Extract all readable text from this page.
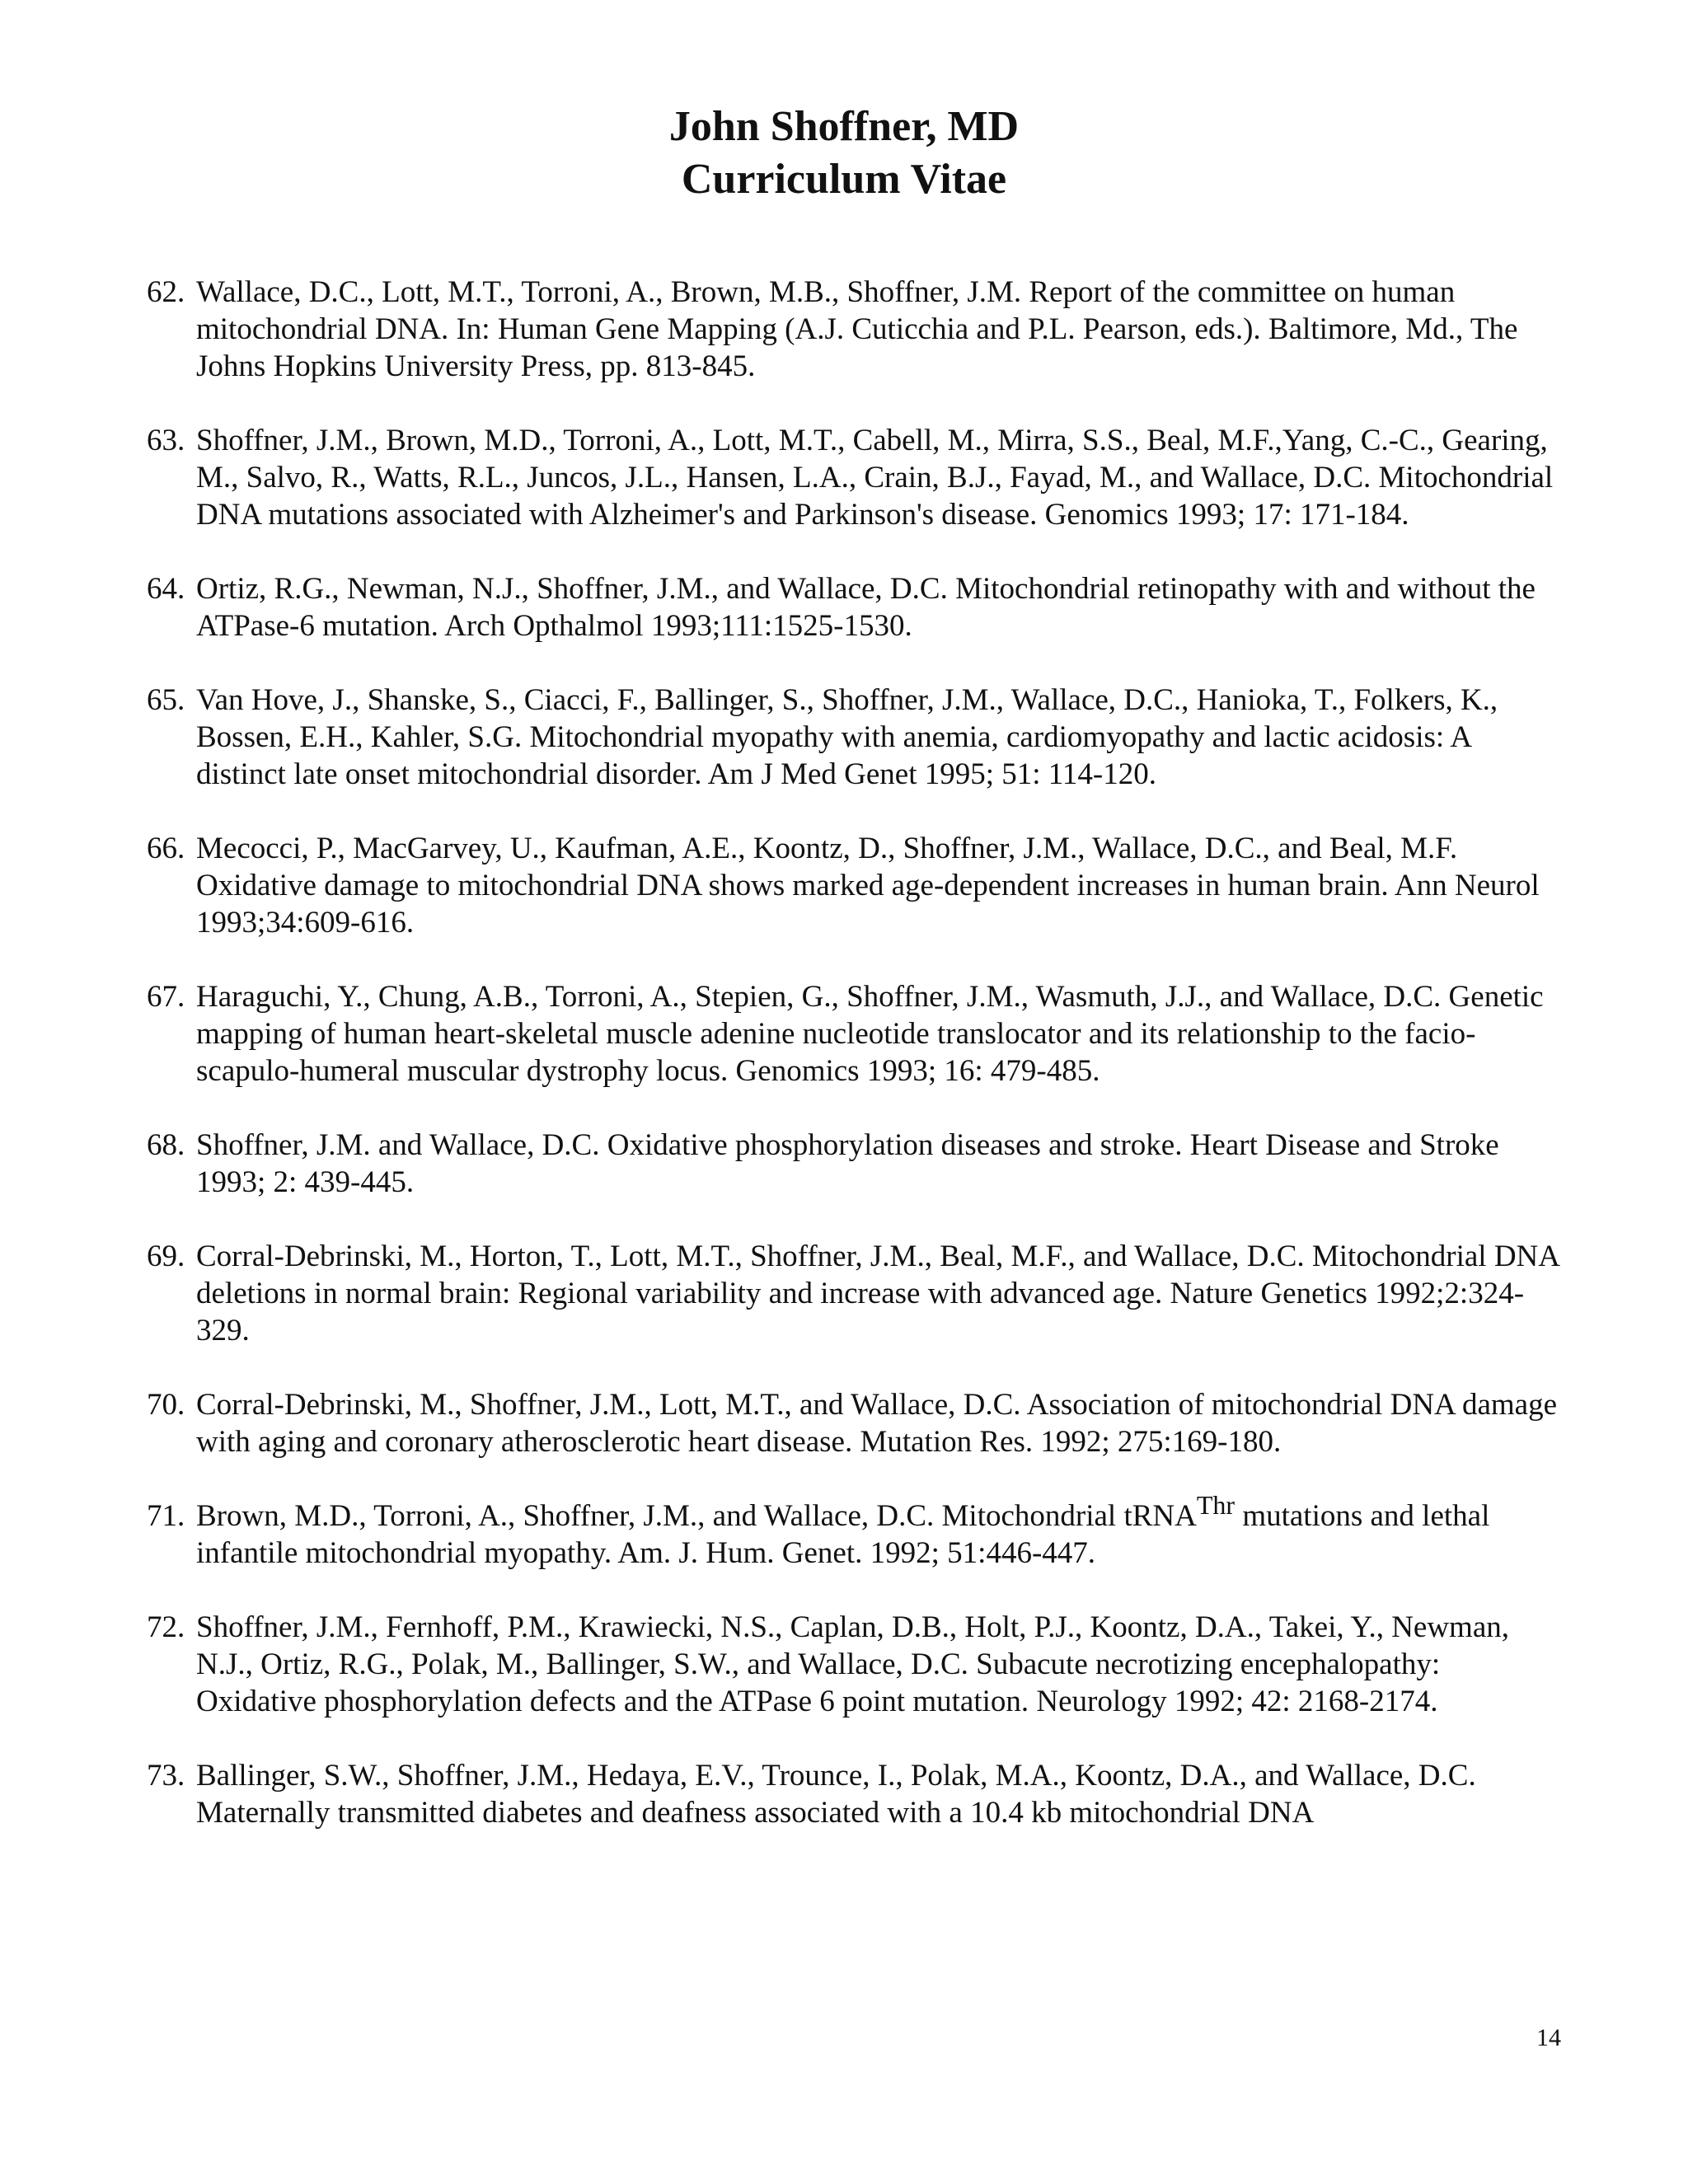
John Shoffner, MD
Curriculum Vitae
62. Wallace, D.C., Lott, M.T., Torroni, A., Brown, M.B., Shoffner, J.M. Report of the committee on human mitochondrial DNA. In: Human Gene Mapping (A.J. Cuticchia and P.L. Pearson, eds.). Baltimore, Md., The Johns Hopkins University Press, pp. 813-845.
63. Shoffner, J.M., Brown, M.D., Torroni, A., Lott, M.T., Cabell, M., Mirra, S.S., Beal, M.F.,Yang, C.-C., Gearing, M., Salvo, R., Watts, R.L., Juncos, J.L., Hansen, L.A., Crain, B.J., Fayad, M., and Wallace, D.C. Mitochondrial DNA mutations associated with Alzheimer's and Parkinson's disease. Genomics 1993; 17: 171-184.
64. Ortiz, R.G., Newman, N.J., Shoffner, J.M., and Wallace, D.C. Mitochondrial retinopathy with and without the ATPase-6 mutation. Arch Opthalmol 1993;111:1525-1530.
65. Van Hove, J., Shanske, S., Ciacci, F., Ballinger, S., Shoffner, J.M., Wallace, D.C., Hanioka, T., Folkers, K., Bossen, E.H., Kahler, S.G. Mitochondrial myopathy with anemia, cardiomyopathy and lactic acidosis: A distinct late onset mitochondrial disorder. Am J Med Genet 1995; 51: 114-120.
66. Mecocci, P., MacGarvey, U., Kaufman, A.E., Koontz, D., Shoffner, J.M., Wallace, D.C., and Beal, M.F. Oxidative damage to mitochondrial DNA shows marked age-dependent increases in human brain. Ann Neurol 1993;34:609-616.
67. Haraguchi, Y., Chung, A.B., Torroni, A., Stepien, G., Shoffner, J.M., Wasmuth, J.J., and Wallace, D.C. Genetic mapping of human heart-skeletal muscle adenine nucleotide translocator and its relationship to the facio-scapulo-humeral muscular dystrophy locus. Genomics 1993; 16: 479-485.
68. Shoffner, J.M. and Wallace, D.C. Oxidative phosphorylation diseases and stroke. Heart Disease and Stroke 1993; 2: 439-445.
69. Corral-Debrinski, M., Horton, T., Lott, M.T., Shoffner, J.M., Beal, M.F., and Wallace, D.C. Mitochondrial DNA deletions in normal brain: Regional variability and increase with advanced age. Nature Genetics 1992;2:324-329.
70. Corral-Debrinski, M., Shoffner, J.M., Lott, M.T., and Wallace, D.C. Association of mitochondrial DNA damage with aging and coronary atherosclerotic heart disease. Mutation Res. 1992; 275:169-180.
71. Brown, M.D., Torroni, A., Shoffner, J.M., and Wallace, D.C. Mitochondrial tRNA$^{Thr}$ mutations and lethal infantile mitochondrial myopathy. Am. J. Hum. Genet. 1992; 51:446-447.
72. Shoffner, J.M., Fernhoff, P.M., Krawiecki, N.S., Caplan, D.B., Holt, P.J., Koontz, D.A., Takei, Y., Newman, N.J., Ortiz, R.G., Polak, M., Ballinger, S.W., and Wallace, D.C. Subacute necrotizing encephalopathy: Oxidative phosphorylation defects and the ATPase 6 point mutation. Neurology 1992; 42: 2168-2174.
73. Ballinger, S.W., Shoffner, J.M., Hedaya, E.V., Trounce, I., Polak, M.A., Koontz, D.A., and Wallace, D.C. Maternally transmitted diabetes and deafness associated with a 10.4 kb mitochondrial DNA
14
